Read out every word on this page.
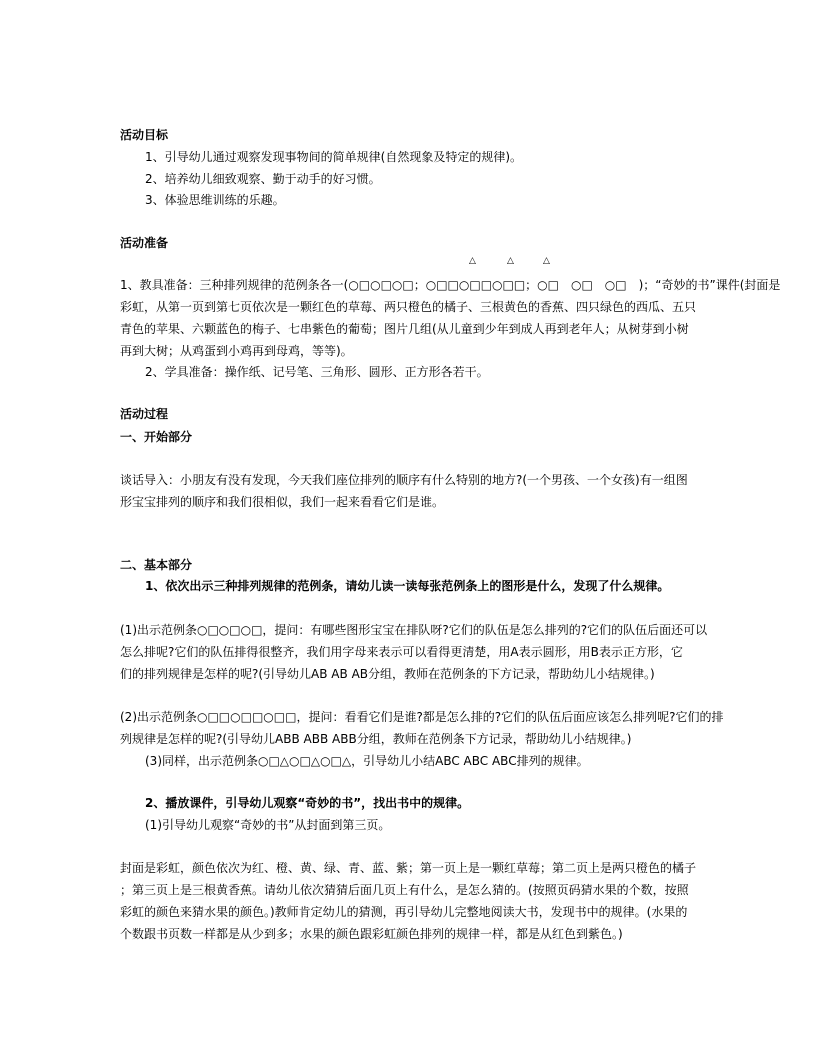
活动目标
1、引导幼儿通过观察发现事物间的简单规律(自然现象及特定的规律)。
2、培养幼儿细致观察、勤于动手的好习惯。
3、体验思维训练的乐趣。
活动准备
△	△	△
1、教具准备：三种排列规律的范例条各一(○□○□○□；○□□○□□○□□；○□　○□　○□　)；“奇妙的书”课件(封面是
彩虹，从第一页到第七页依次是一颗红色的草莓、两只橙色的橘子、三根黄色的香蕉、四只绿色的西瓜、五只
青色的苹果、六颗蓝色的梅子、七串紫色的葡萄；图片几组(从儿童到少年到成人再到老年人；从树芽到小树
再到大树；从鸡蛋到小鸡再到母鸡，等等)。
2、学具准备：操作纸、记号笔、三角形、圆形、正方形各若干。
活动过程
一、开始部分
谈话导入：小朋友有没有发现，今天我们座位排列的顺序有什么特别的地方?(一个男孩、一个女孩)有一组图
形宝宝排列的顺序和我们很相似，我们一起来看看它们是谁。
二、基本部分
1、依次出示三种排列规律的范例条，请幼儿读一读每张范例条上的图形是什么，发现了什么规律。
(1)出示范例条○□○□○□，提问：有哪些图形宝宝在排队呀?它们的队伍是怎么排列的?它们的队伍后面还可以
怎么排呢?它们的队伍排得很整齐，我们用字母来表示可以看得更清楚，用A表示圆形，用B表示正方形，它
们的排列规律是怎样的呢?(引导幼儿AB AB AB分组，教师在范例条的下方记录，帮助幼儿小结规律。)
(2)出示范例条○□□○□□○□□，提问：看看它们是谁?都是怎么排的?它们的队伍后面应该怎么排列呢?它们的排
列规律是怎样的呢?(引导幼儿ABB ABB ABB分组，教师在范例条下方记录，帮助幼儿小结规律。)
(3)同样，出示范例条○□△○□△○□△，引导幼儿小结ABC ABC ABC排列的规律。
2、播放课件，引导幼儿观察“奇妙的书”，找出书中的规律。
(1)引导幼儿观察“奇妙的书”从封面到第三页。
封面是彩虹，颜色依次为红、橙、黄、绿、青、蓝、紫；第一页上是一颗红草莓；第二页上是两只橙色的橘子
；第三页上是三根黄香蕉。请幼儿依次猜猜后面几页上有什么，是怎么猜的。(按照页码猜水果的个数，按照
彩虹的颜色来猜水果的颜色。)教师肯定幼儿的猜测，再引导幼儿完整地阅读大书，发现书中的规律。(水果的
个数跟书页数一样都是从少到多；水果的颜色跟彩虹颜色排列的规律一样，都是从红色到紫色。)
